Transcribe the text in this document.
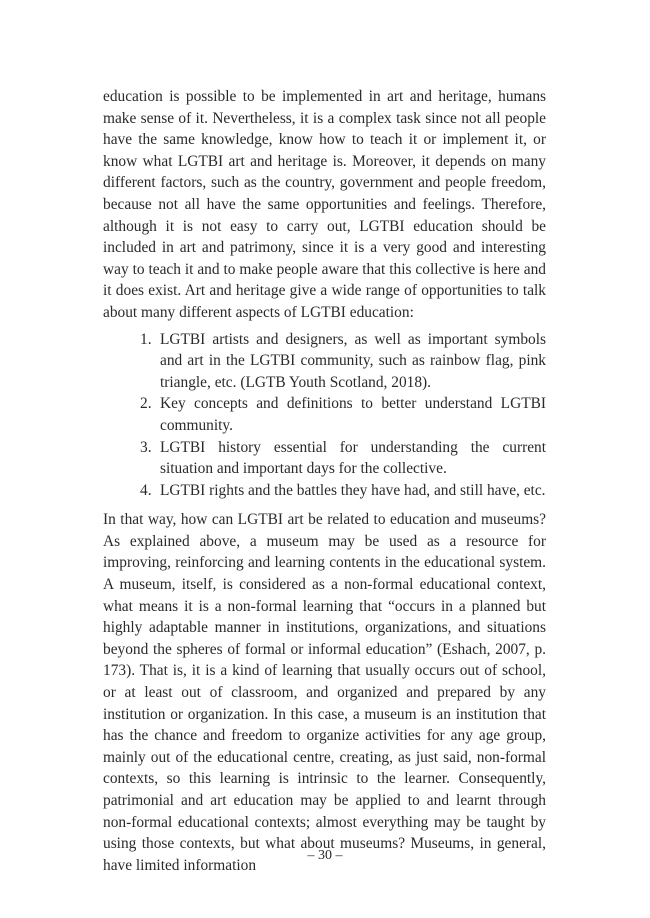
education is possible to be implemented in art and heritage, humans make sense of it. Nevertheless, it is a complex task since not all people have the same knowledge, know how to teach it or implement it, or know what LGTBI art and heritage is. Moreover, it depends on many different factors, such as the country, government and people freedom, because not all have the same opportunities and feelings. Therefore, although it is not easy to carry out, LGTBI education should be included in art and patrimony, since it is a very good and interesting way to teach it and to make people aware that this collective is here and it does exist. Art and heritage give a wide range of opportunities to talk about many different aspects of LGTBI education:

1. LGTBI artists and designers, as well as important symbols and art in the LGTBI community, such as rainbow flag, pink triangle, etc. (LGTB Youth Scotland, 2018).
2. Key concepts and definitions to better understand LGTBI community.
3. LGTBI history essential for understanding the current situation and important days for the collective.
4. LGTBI rights and the battles they have had, and still have, etc.

In that way, how can LGTBI art be related to education and museums? As explained above, a museum may be used as a resource for improving, reinforcing and learning contents in the educational system. A museum, itself, is considered as a non-formal educational context, what means it is a non-formal learning that “occurs in a planned but highly adaptable manner in institutions, organizations, and situations beyond the spheres of formal or informal education” (Eshach, 2007, p. 173). That is, it is a kind of learning that usually occurs out of school, or at least out of classroom, and organized and prepared by any institution or organization. In this case, a museum is an institution that has the chance and freedom to organize activities for any age group, mainly out of the educational centre, creating, as just said, non-formal contexts, so this learning is intrinsic to the learner. Consequently, patrimonial and art education may be applied to and learnt through non-formal educational contexts; almost everything may be taught by using those contexts, but what about museums? Museums, in general, have limited information

– 30 –
